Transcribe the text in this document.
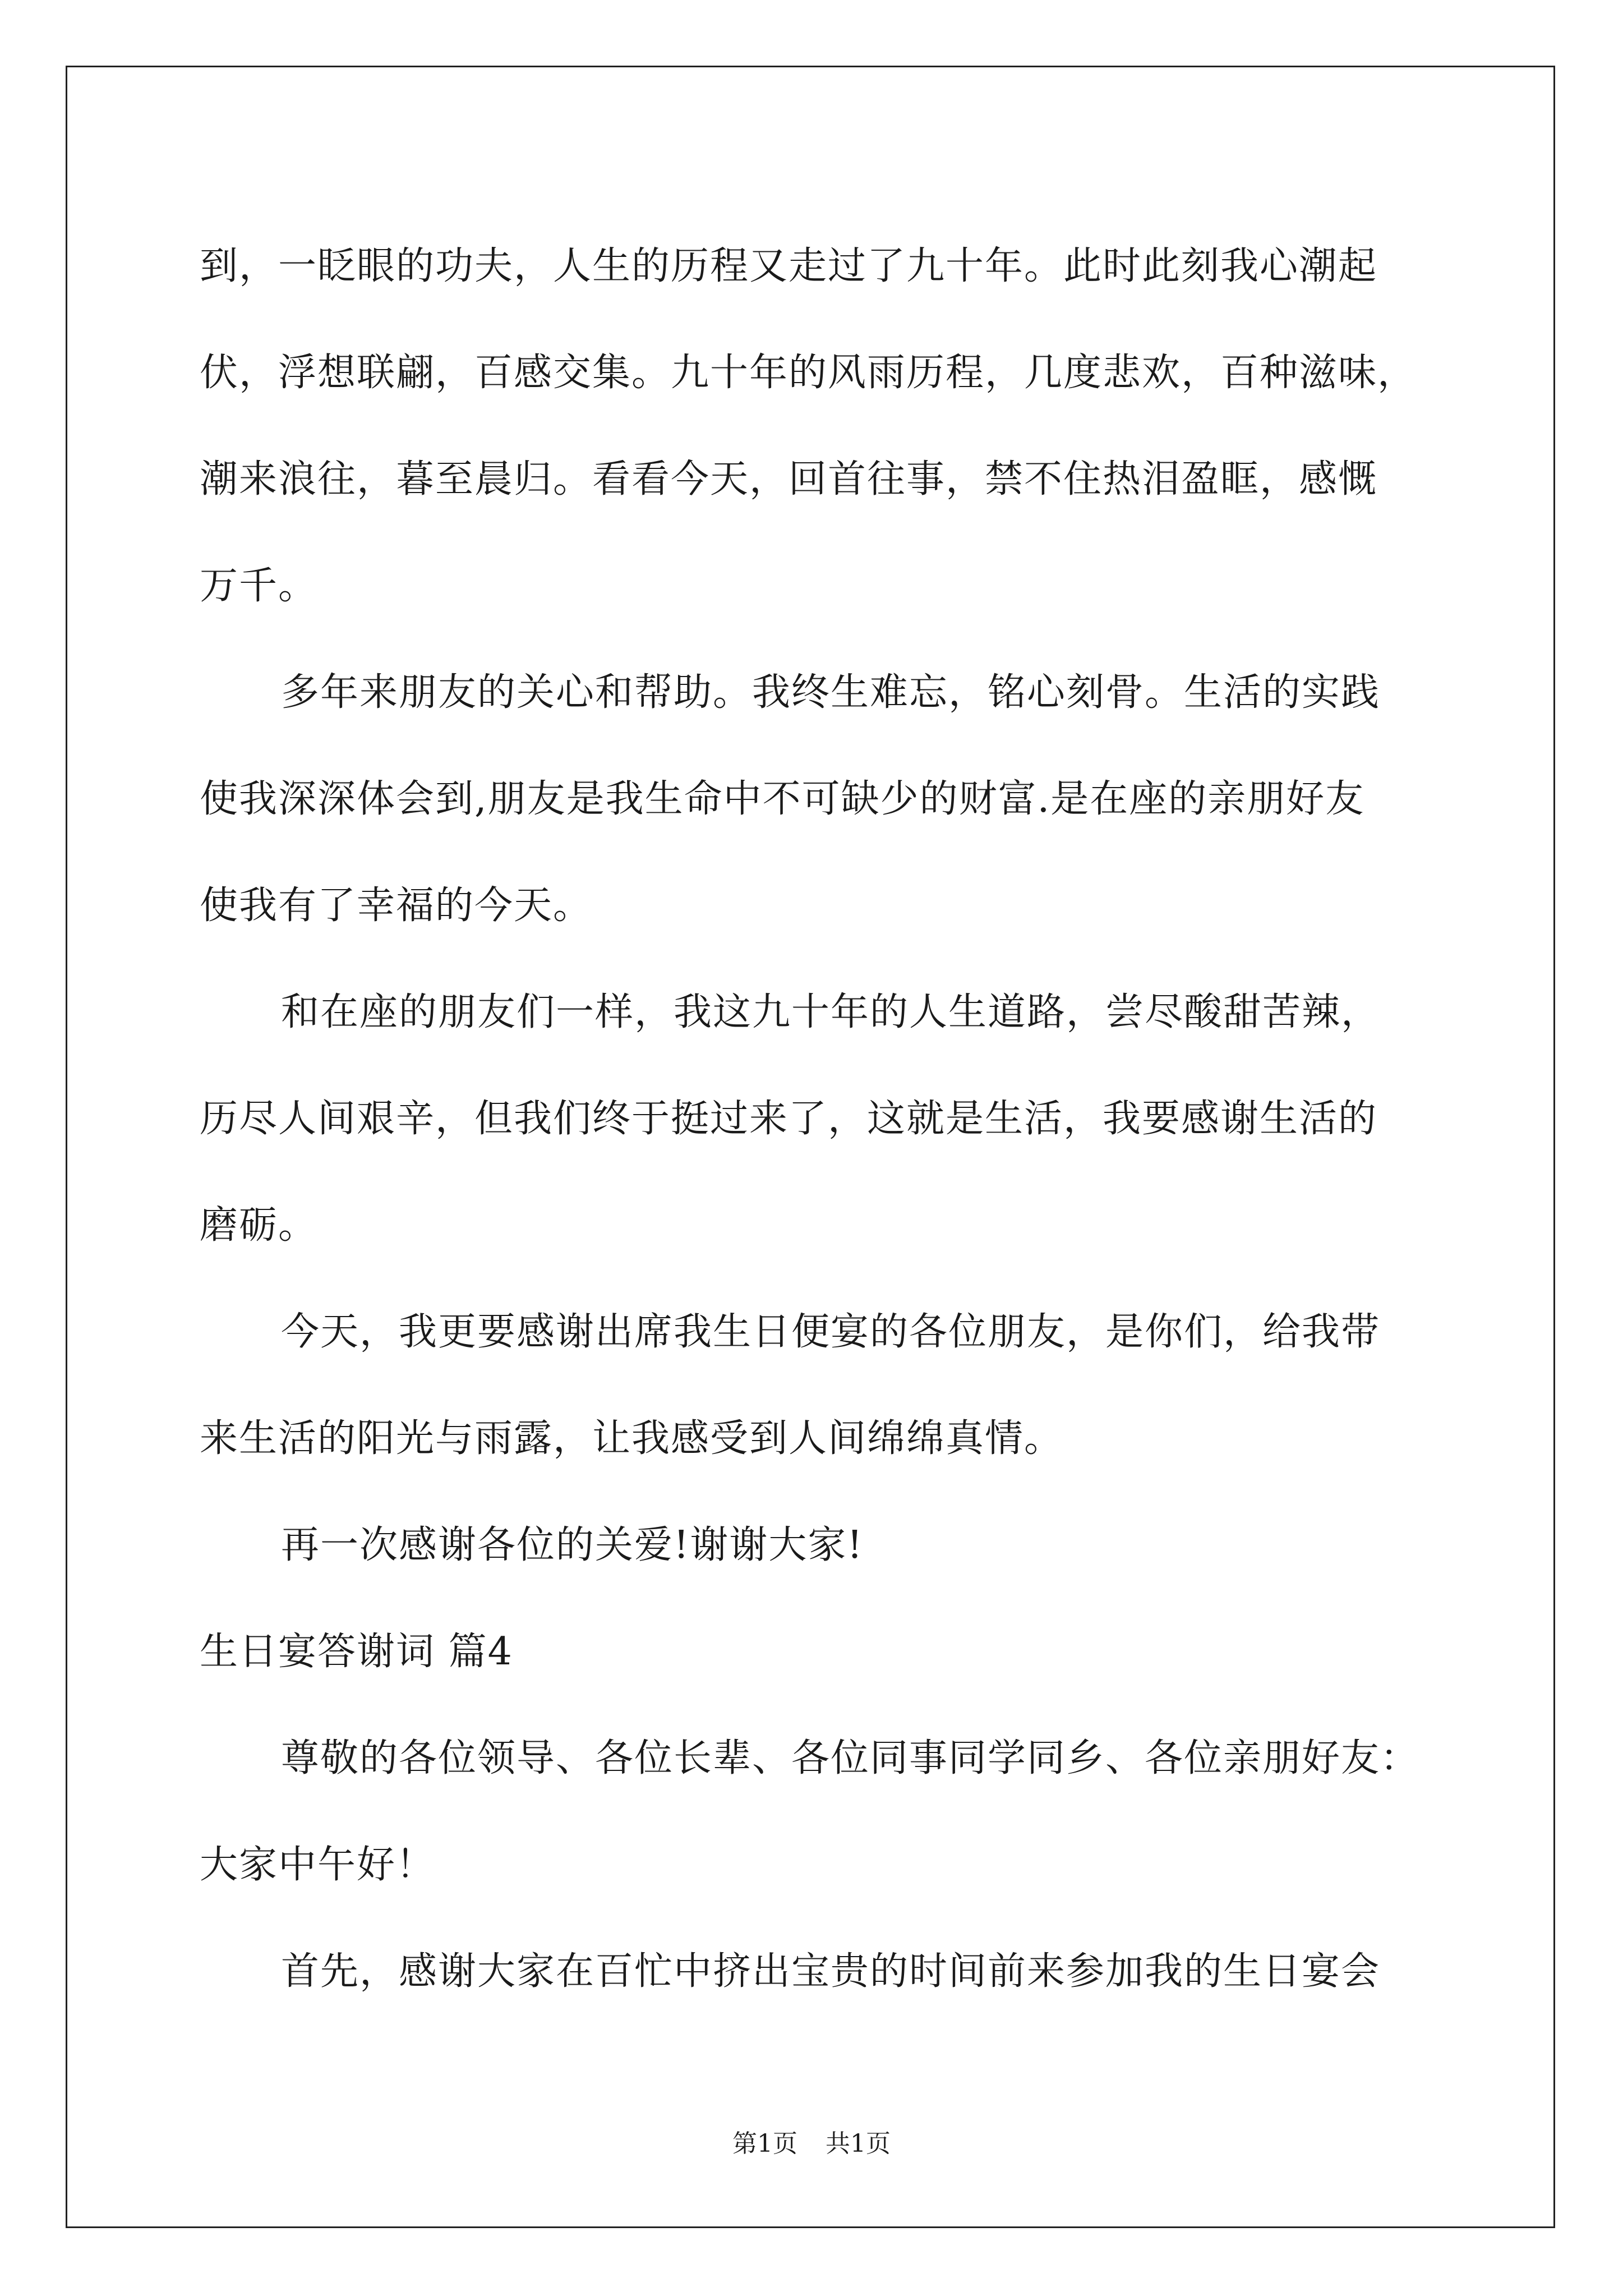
到，一眨眼的功夫，人生的历程又走过了九十年。此时此刻我心潮起
伏，浮想联翩，百感交集。九十年的风雨历程，几度悲欢，百种滋味，
潮来浪往，暮至晨归。看看今天，回首往事，禁不住热泪盈眶，感慨
万千。
多年来朋友的关心和帮助。我终生难忘，铭心刻骨。生活的实践
使我深深体会到,朋友是我生命中不可缺少的财富.是在座的亲朋好友
使我有了幸福的今天。
和在座的朋友们一样，我这九十年的人生道路，尝尽酸甜苦辣，
历尽人间艰辛，但我们终于挺过来了，这就是生活，我要感谢生活的
磨砺。
今天，我更要感谢出席我生日便宴的各位朋友，是你们，给我带
来生活的阳光与雨露，让我感受到人间绵绵真情。
再一次感谢各位的关爱!谢谢大家!
生日宴答谢词 篇4
尊敬的各位领导、各位长辈、各位同事同学同乡、各位亲朋好友：
大家中午好！
首先，感谢大家在百忙中挤出宝贵的时间前来参加我的生日宴会
第1页 共1页
